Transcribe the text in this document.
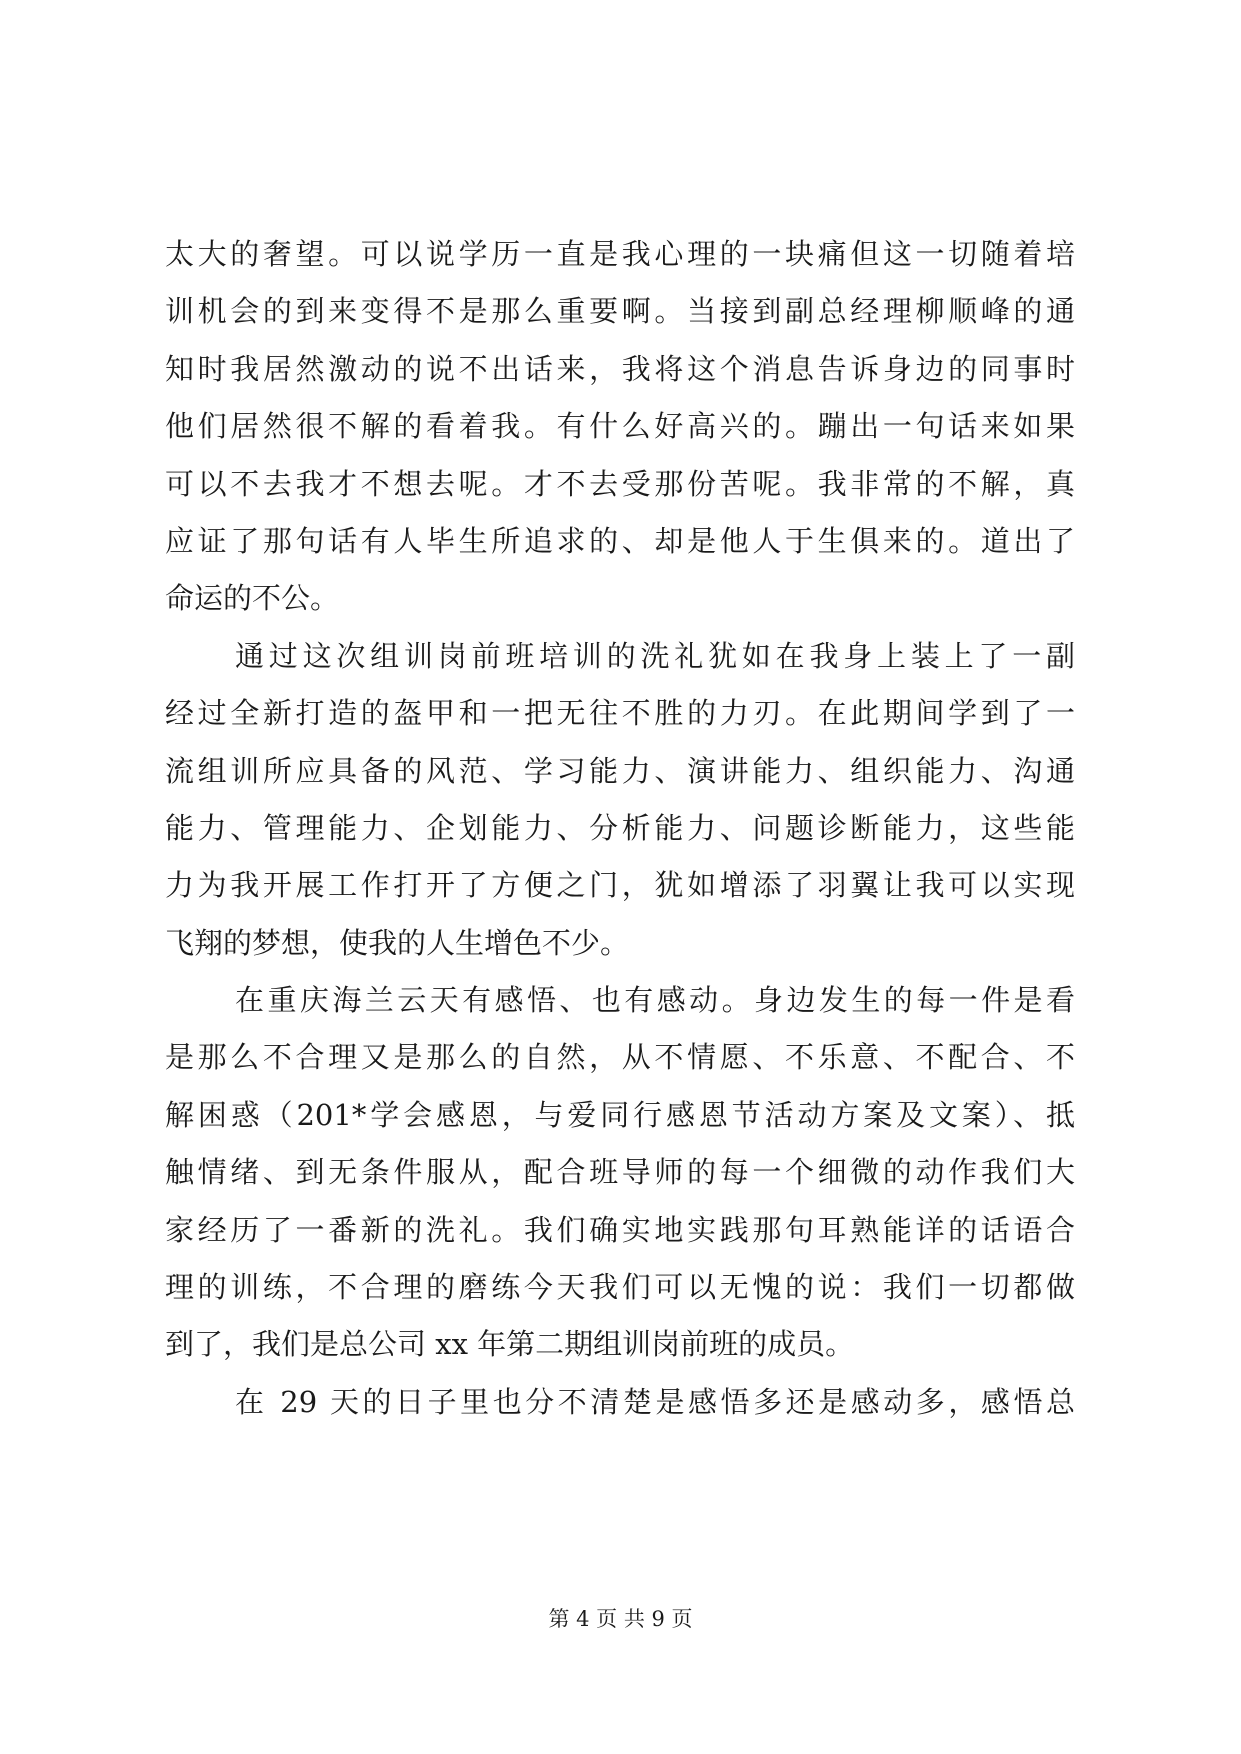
太大的奢望。可以说学历一直是我心理的一块痛但这一切随着培
训机会的到来变得不是那么重要啊。当接到副总经理柳顺峰的通
知时我居然激动的说不出话来，我将这个消息告诉身边的同事时
他们居然很不解的看着我。有什么好高兴的。蹦出一句话来如果
可以不去我才不想去呢。才不去受那份苦呢。我非常的不解，真
应证了那句话有人毕生所追求的、却是他人于生俱来的。道出了
命运的不公。
通过这次组训岗前班培训的洗礼犹如在我身上装上了一副
经过全新打造的盔甲和一把无往不胜的力刃。在此期间学到了一
流组训所应具备的风范、学习能力、演讲能力、组织能力、沟通
能力、管理能力、企划能力、分析能力、问题诊断能力，这些能
力为我开展工作打开了方便之门，犹如增添了羽翼让我可以实现
飞翔的梦想，使我的人生增色不少。
在重庆海兰云天有感悟、也有感动。身边发生的每一件是看
是那么不合理又是那么的自然，从不情愿、不乐意、不配合、不
解困惑（201*学会感恩，与爱同行感恩节活动方案及文案）、抵
触情绪、到无条件服从，配合班导师的每一个细微的动作我们大
家经历了一番新的洗礼。我们确实地实践那句耳熟能详的话语合
理的训练，不合理的磨练今天我们可以无愧的说：我们一切都做
到了，我们是总公司 xx 年第二期组训岗前班的成员。
在 29 天的日子里也分不清楚是感悟多还是感动多，感悟总
第 4 页 共 9 页
